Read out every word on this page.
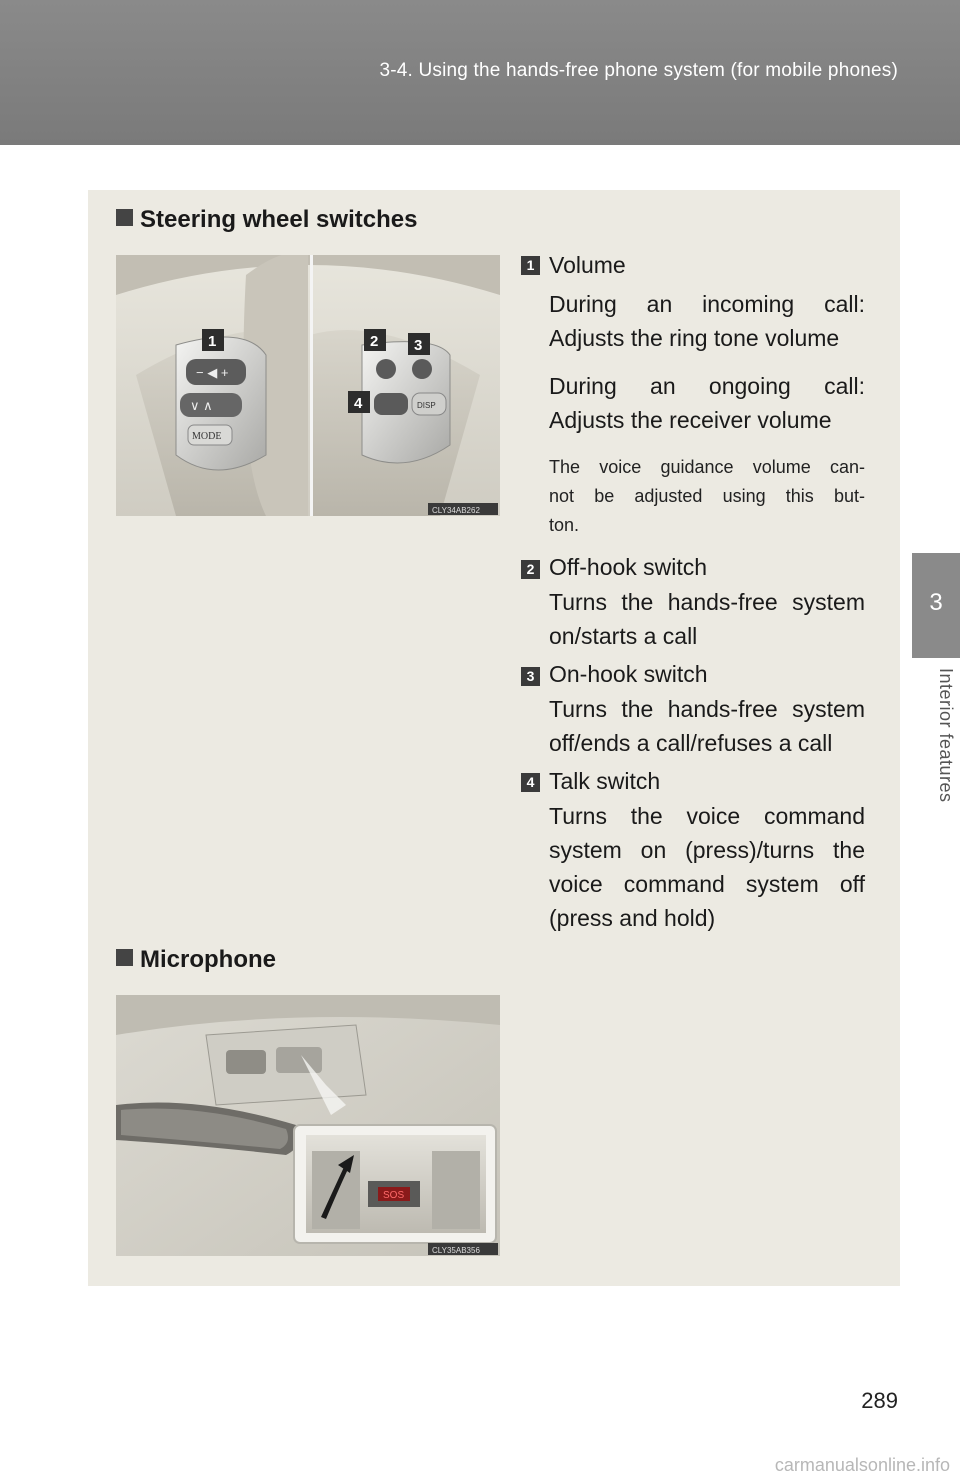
3-4. Using the hands-free phone system (for mobile phones)
3
Interior features
Steering wheel switches
− ◀ +
∨ ∧
MODE
DISP
1	2 3
4
CLY34AB262
1 Volume
During an incoming call:
Adjusts the ring tone volume
During an ongoing call:
Adjusts the receiver volume
The voice guidance volume can-
not be adjusted using this but-
ton.
2 Off-hook switch
Turns the hands-free system
on/starts a call
3 On-hook switch
Turns the hands-free system
off/ends a call/refuses a call
4 Talk switch
Turns the voice command
system on (press)/turns the
voice command system off
(press and hold)
Microphone
SOS
CLY35AB356
289
carmanualsonline.info
